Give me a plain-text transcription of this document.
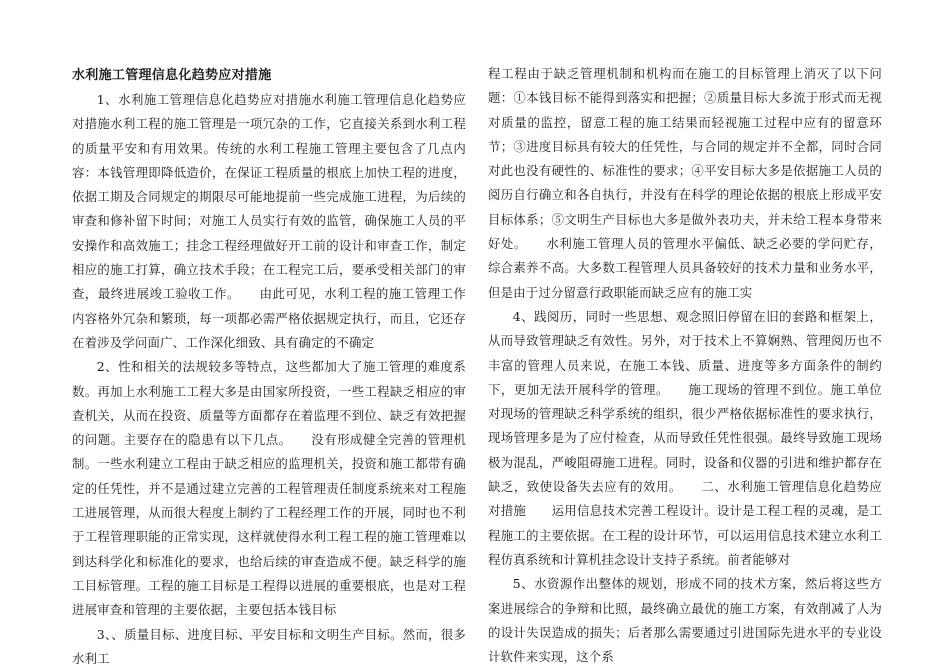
水利施工管理信息化趋势应对措施

1、水利施工管理信息化趋势应对措施水利施工管理信息化趋势应对措施水利工程的施工管理是一项冗杂的工作，它直接关系到水利工程的质量平安和有用效果。传统的水利工程施工管理主要包含了几点内容：本钱管理即降低造价，在保证工程质量的根底上加快工程的进度，依据工期及合同规定的期限尽可能地提前一些完成施工进程，为后续的审查和修补留下时间；对施工人员实行有效的监管，确保施工人员的平安操作和高效施工；挂念工程经理做好开工前的设计和审查工作，制定相应的施工打算，确立技术手段；在工程完工后，要承受相关部门的审查，最终进展竣工验收工作。　　由此可见，水利工程的施工管理工作内容格外冗杂和繁琐，每一项都必需严格依据规定执行，而且，它还存在着涉及学问面广、工作深化细致、具有确定的不确定

2、性和相关的法规较多等特点，这些都加大了施工管理的难度系数。再加上水利施工工程大多是由国家所投资，一些工程缺乏相应的审查机关，从而在投资、质量等方面都存在着监理不到位、缺乏有效把握的问题。主要存在的隐患有以下几点。　　没有形成健全完善的管理机制。一些水利建立工程由于缺乏相应的监理机关，投资和施工都带有确定的任凭性，并不是通过建立完善的工程管理责任制度系统来对工程施工进展管理，从而很大程度上制约了工程经理工作的开展，同时也不利于工程管理职能的正常实现，这样就使得水利工程工程的施工管理难以到达科学化和标准化的要求，也给后续的审查造成不便。缺乏科学的施工目标管理。工程的施工目标是工程得以进展的重要根底，也是对工程进展审查和管理的主要依据，主要包括本钱目标

3、、质量目标、进度目标、平安目标和文明生产目标。然而，很多水利工

程工程由于缺乏管理机制和机构而在施工的目标管理上消灭了以下问题：①本钱目标不能得到落实和把握；②质量目标大多流于形式而无视对质量的监控，留意工程的施工结果而轻视施工过程中应有的留意环节；③进度目标具有较大的任凭性，与合同的规定并不全都，同时合同对此也没有硬性的、标准性的要求；④平安目标大多是依据施工人员的阅历自行确立和各自执行，并没有在科学的理论依据的根底上形成平安目标体系；⑤文明生产目标也大多是做外表功夫，并未给工程本身带来好处。　　水利施工管理人员的管理水平偏低、缺乏必要的学问贮存，综合素养不高。大多数工程管理人员具备较好的技术力量和业务水平，但是由于过分留意行政职能而缺乏应有的施工实

4、践阅历，同时一些思想、观念照旧停留在旧的套路和框架上，从而导致管理缺乏有效性。另外，对于技术上不算娴熟、管理阅历也不丰富的管理人员来说，在施工本钱、质量、进度等多方面条件的制约下，更加无法开展科学的管理。　　施工现场的管理不到位。施工单位对现场的管理缺乏科学系统的组织，很少严格依据标准性的要求执行，现场管理多是为了应付检查，从而导致任凭性很强。最终导致施工现场极为混乱，严峻阻碍施工进程。同时，设备和仪器的引进和维护都存在缺乏，致使设备失去应有的效用。　　二、水利施工管理信息化趋势应对措施　　运用信息技术完善工程设计。设计是工程工程的灵魂，是工程施工的主要依据。在工程的设计环节，可以运用信息技术建立水利工程仿真系统和计算机挂念设计支持子系统。前者能够对

5、水资源作出整体的规划，形成不同的技术方案，然后将这些方案进展综合的争辩和比照，最终确立最优的施工方案，有效削减了人为的设计失误造成的损失；后者那么需要通过引进国际先进水平的专业设计软件来实现，这个系
